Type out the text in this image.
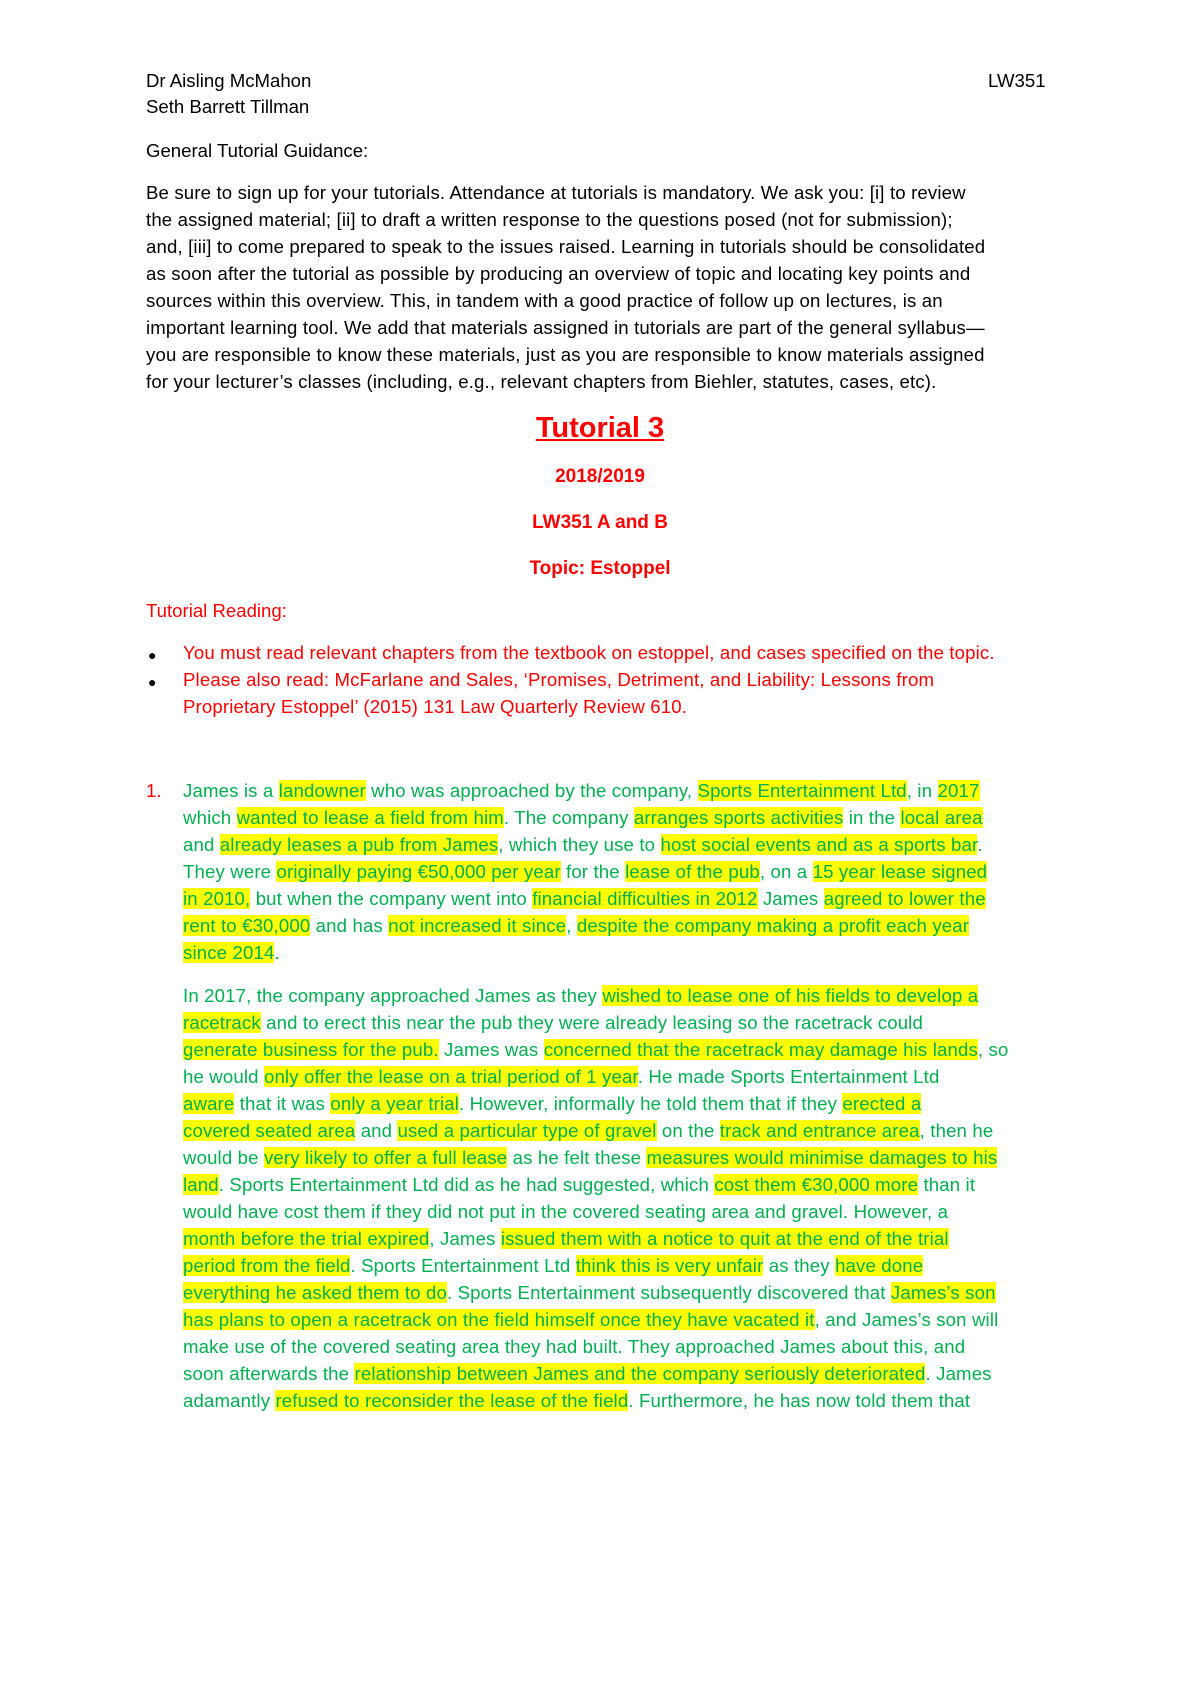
Dr Aisling McMahon
Seth Barrett Tillman
LW351
General Tutorial Guidance:
Be sure to sign up for your tutorials. Attendance at tutorials is mandatory. We ask you: [i] to review
the assigned material; [ii] to draft a written response to the questions posed (not for submission);
and, [iii] to come prepared to speak to the issues raised. Learning in tutorials should be consolidated
as soon after the tutorial as possible by producing an overview of topic and locating key points and
sources within this overview. This, in tandem with a good practice of follow up on lectures, is an
important learning tool. We add that materials assigned in tutorials are part of the general syllabus—
you are responsible to know these materials, just as you are responsible to know materials assigned
for your lecturer’s classes (including, e.g., relevant chapters from Biehler, statutes, cases, etc).
Tutorial 3
2018/2019
LW351 A and B
Topic: Estoppel
Tutorial Reading:
● You must read relevant chapters from the textbook on estoppel, and cases specified on the topic.
● Please also read: McFarlane and Sales, ‘Promises, Detriment, and Liability: Lessons from
Proprietary Estoppel’ (2015) 131 Law Quarterly Review 610.
1. James is a landowner who was approached by the company, Sports Entertainment Ltd, in 2017
which wanted to lease a field from him. The company arranges sports activities in the local area
and already leases a pub from James, which they use to host social events and as a sports bar.
They were originally paying €50,000 per year for the lease of the pub, on a 15 year lease signed
in 2010, but when the company went into financial difficulties in 2012 James agreed to lower the
rent to €30,000 and has not increased it since, despite the company making a profit each year
since 2014.
In 2017, the company approached James as they wished to lease one of his fields to develop a
racetrack and to erect this near the pub they were already leasing so the racetrack could
generate business for the pub. James was concerned that the racetrack may damage his lands, so
he would only offer the lease on a trial period of 1 year. He made Sports Entertainment Ltd
aware that it was only a year trial. However, informally he told them that if they erected a
covered seated area and used a particular type of gravel on the track and entrance area, then he
would be very likely to offer a full lease as he felt these measures would minimise damages to his
land. Sports Entertainment Ltd did as he had suggested, which cost them €30,000 more than it
would have cost them if they did not put in the covered seating area and gravel. However, a
month before the trial expired, James issued them with a notice to quit at the end of the trial
period from the field. Sports Entertainment Ltd think this is very unfair as they have done
everything he asked them to do. Sports Entertainment subsequently discovered that James’s son
has plans to open a racetrack on the field himself once they have vacated it, and James’s son will
make use of the covered seating area they had built. They approached James about this, and
soon afterwards the relationship between James and the company seriously deteriorated. James
adamantly refused to reconsider the lease of the field. Furthermore, he has now told them that
